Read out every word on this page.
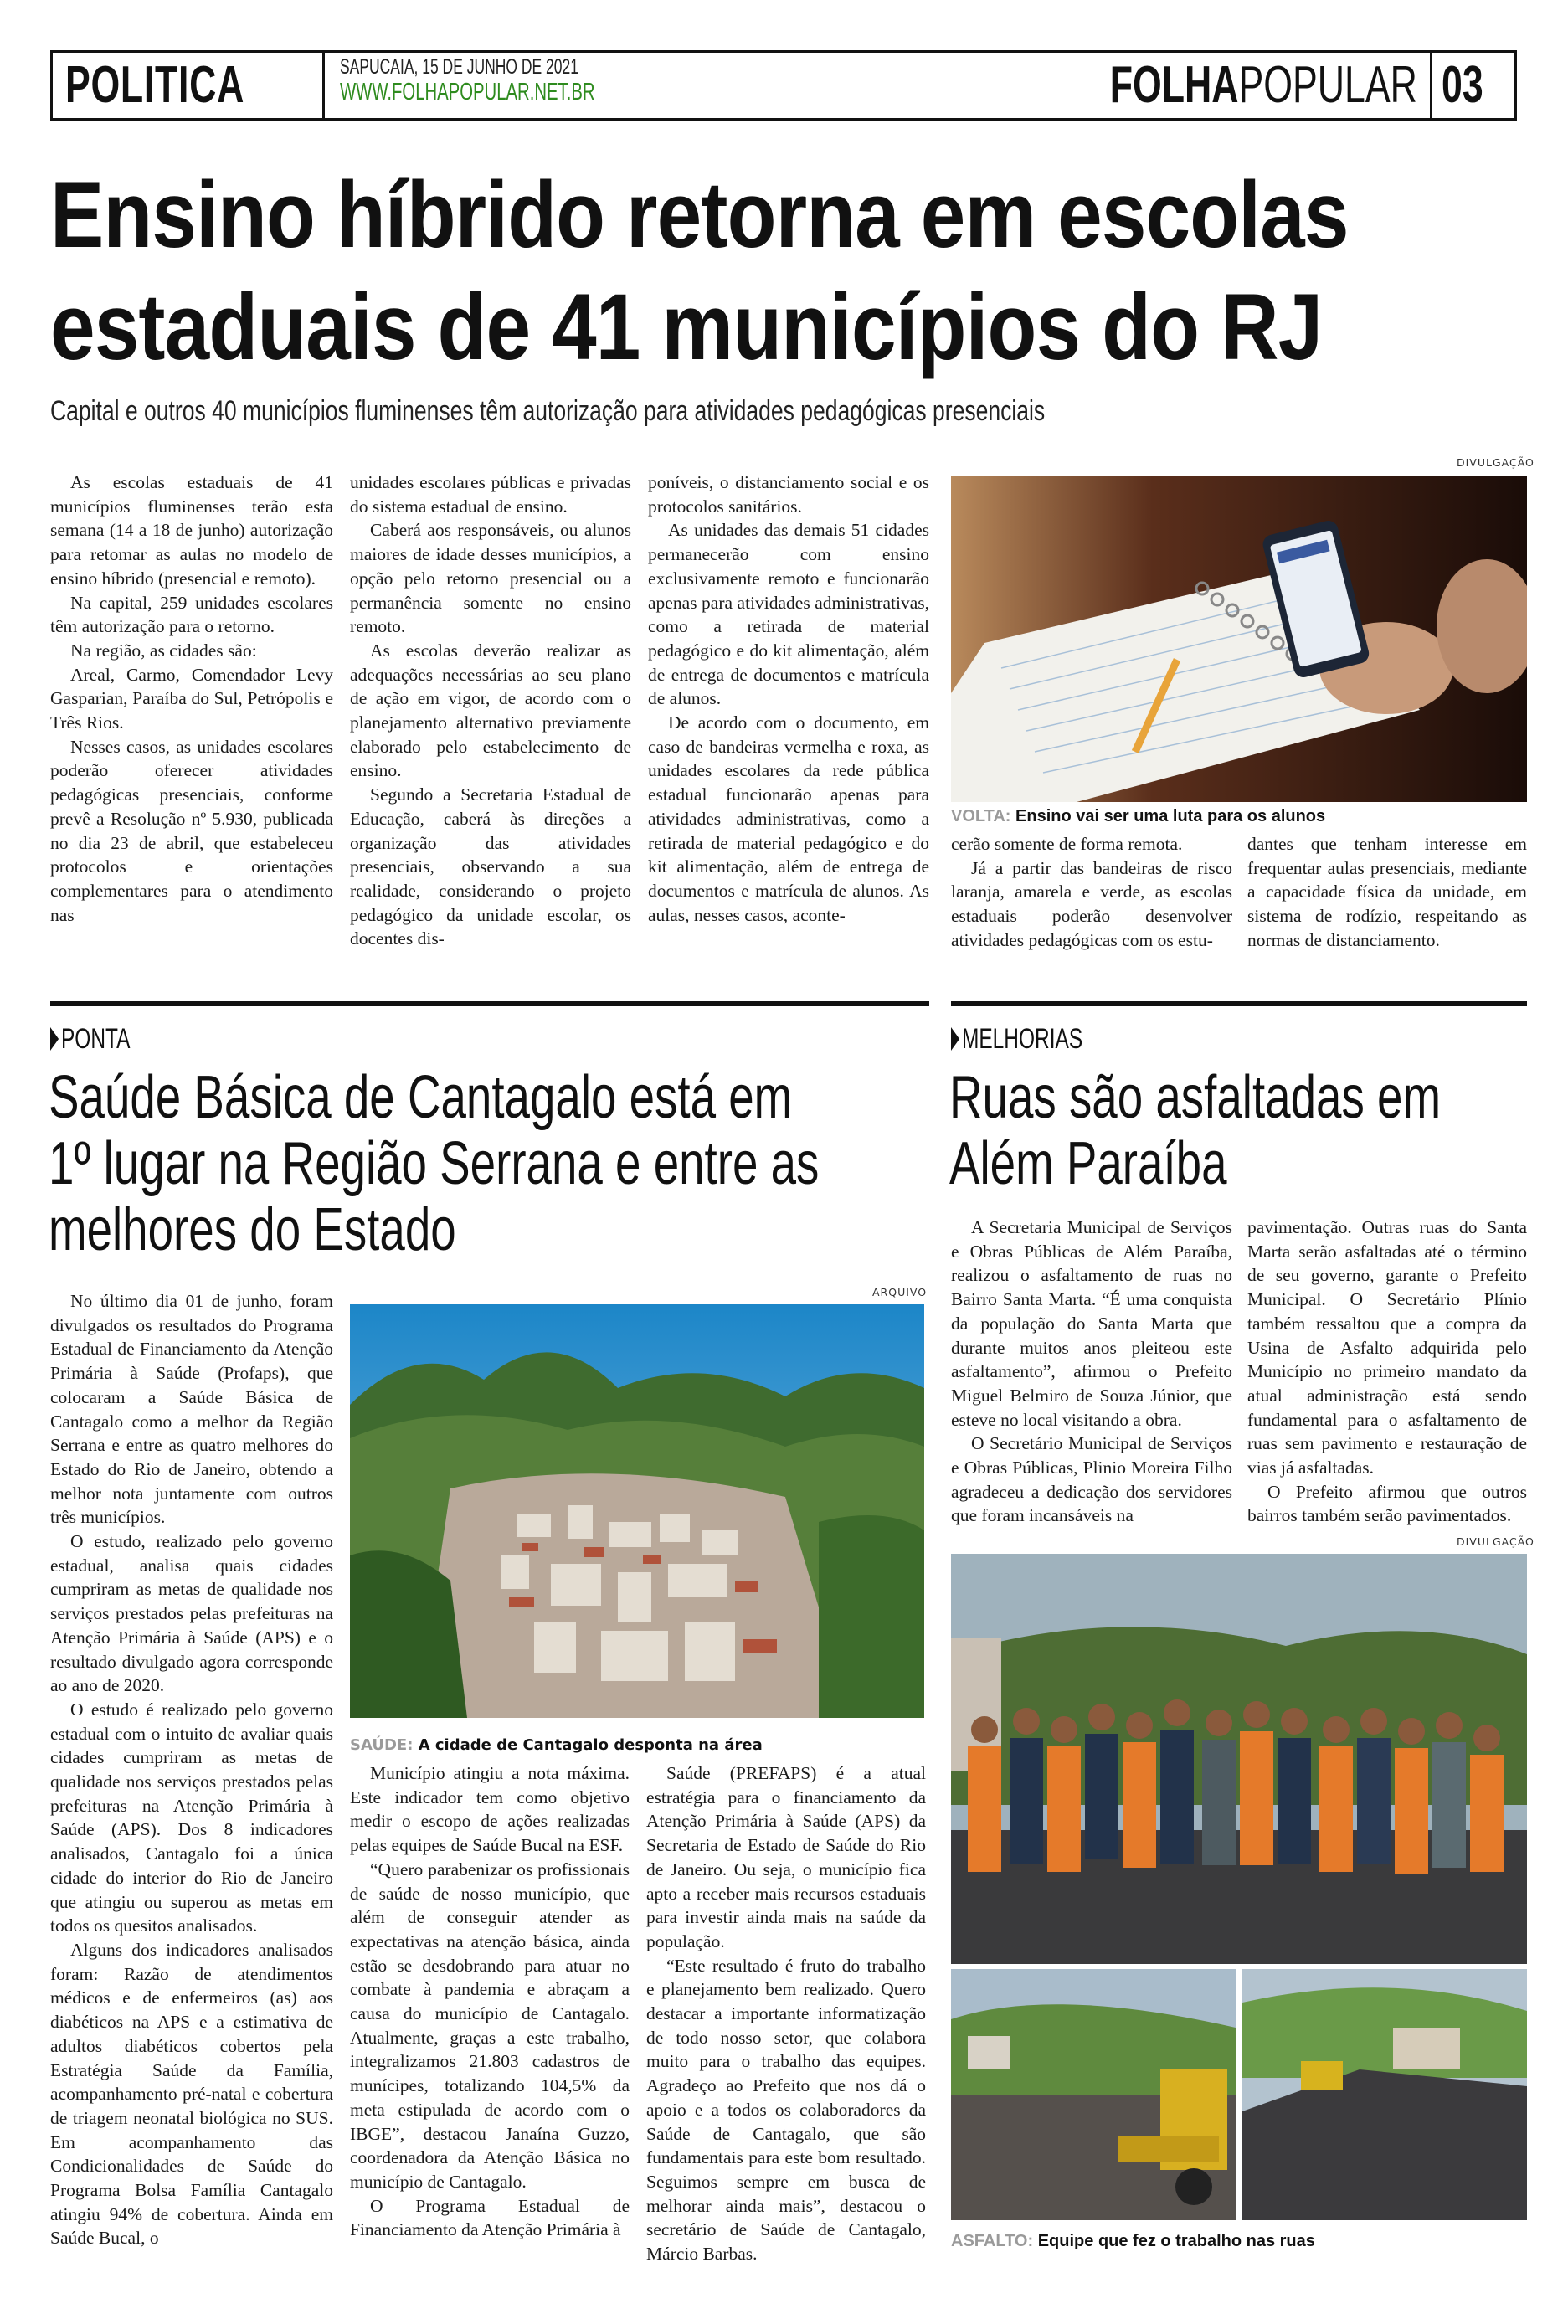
POLITICA	SAPUCAIA, 15 DE JUNHO DE 2021
WWW.FOLHAPOPULAR.NET.BR	FOLHAPOPULAR 03
Ensino híbrido retorna em escolas
estaduais de 41 municípios do RJ
Capital e outros 40 municípios fluminenses têm autorização para atividades pedagógicas presenciais

As escolas estaduais de 41 municípios fluminenses terão esta semana (14 a 18 de junho) autorização para retomar as aulas no modelo de ensino híbrido (presencial e remoto).

Na capital, 259 unidades escolares têm autorização para o retorno.

Na região, as cidades são:

Areal, Carmo, Comendador Levy Gasparian, Paraíba do Sul, Petrópolis e Três Rios.

Nesses casos, as unidades escolares poderão oferecer atividades pedagógicas presenciais, conforme prevê a Resolução nº 5.930, publicada no dia 23 de abril, que estabeleceu protocolos e orientações complementares para o atendimento nas

unidades escolares públicas e privadas do sistema estadual de ensino.

Caberá aos responsáveis, ou alunos maiores de idade desses municípios, a opção pelo retorno presencial ou a permanência somente no ensino remoto.

As escolas deverão realizar as adequações necessárias ao seu plano de ação em vigor, de acordo com o planejamento alternativo previamente elaborado pelo estabelecimento de ensino.

Segundo a Secretaria Estadual de Educação, caberá às direções a organização das atividades presenciais, observando a sua realidade, considerando o projeto pedagógico da unidade escolar, os docentes dis-

poníveis, o distanciamento social e os protocolos sanitários.

As unidades das demais 51 cidades permanecerão com ensino exclusivamente remoto e funcionarão apenas para atividades administrativas, como a retirada de material pedagógico e do kit alimentação, além de entrega de documentos e matrícula de alunos.

De acordo com o documento, em caso de bandeiras vermelha e roxa, as unidades escolares da rede pública estadual funcionarão apenas para atividades administrativas, como a retirada de material pedagógico e do kit alimentação, além de entrega de documentos e matrícula de alunos. As aulas, nesses casos, aconte-

DIVULGAÇÃO
VOLTA: Ensino vai ser uma luta para os alunos

cerão somente de forma remota.

Já a partir das bandeiras de risco laranja, amarela e verde, as escolas estaduais poderão desenvolver atividades pedagógicas com os estu-

dantes que tenham interesse em frequentar aulas presenciais, mediante a capacidade física da unidade, em sistema de rodízio, respeitando as normas de distanciamento.

PONTA
Saúde Básica de Cantagalo está em
1º lugar na Região Serrana e entre as
melhores do Estado

No último dia 01 de junho, foram divulgados os resultados do Programa Estadual de Financiamento da Atenção Primária à Saúde (Profaps), que colocaram a Saúde Básica de Cantagalo como a melhor da Região Serrana e entre as quatro melhores do Estado do Rio de Janeiro, obtendo a melhor nota juntamente com outros três municípios.

O estudo, realizado pelo governo estadual, analisa quais cidades cumpriram as metas de qualidade nos serviços prestados pelas prefeituras na Atenção Primária à Saúde (APS) e o resultado divulgado agora corresponde ao ano de 2020.

O estudo é realizado pelo governo estadual com o intuito de avaliar quais cidades cumpriram as metas de qualidade nos serviços prestados pelas prefeituras na Atenção Primária à Saúde (APS). Dos 8 indicadores analisados, Cantagalo foi a única cidade do interior do Rio de Janeiro que atingiu ou superou as metas em todos os quesitos analisados.

Alguns dos indicadores analisados foram: Razão de atendimentos médicos e de enfermeiros (as) aos diabéticos na APS e a estimativa de adultos diabéticos cobertos pela Estratégia Saúde da Família, acompanhamento pré-natal e cobertura de triagem neonatal biológica no SUS. Em acompanhamento das Condicionalidades de Saúde do Programa Bolsa Família Cantagalo atingiu 94% de cobertura. Ainda em Saúde Bucal, o

ARQUIVO
SAÚDE: A cidade de Cantagalo desponta na área

Município atingiu a nota máxima. Este indicador tem como objetivo medir o escopo de ações realizadas pelas equipes de Saúde Bucal na ESF.

“Quero parabenizar os profissionais de saúde de nosso município, que além de conseguir atender as expectativas na atenção básica, ainda estão se desdobrando para atuar no combate à pandemia e abraçam a causa do município de Cantagalo. Atualmente, graças a este trabalho, integralizamos 21.803 cadastros de munícipes, totalizando 104,5% da meta estipulada de acordo com o IBGE”, destacou Janaína Guzzo, coordenadora da Atenção Básica no município de Cantagalo.

O Programa Estadual de Financiamento da Atenção Primária à

Saúde (PREFAPS) é a atual estratégia para o financiamento da Atenção Primária à Saúde (APS) da Secretaria de Estado de Saúde do Rio de Janeiro. Ou seja, o município fica apto a receber mais recursos estaduais para investir ainda mais na saúde da população.

“Este resultado é fruto do trabalho e planejamento bem realizado. Quero destacar a importante informatização de todo nosso setor, que colabora muito para o trabalho das equipes. Agradeço ao Prefeito que nos dá o apoio e a todos os colaboradores da Saúde de Cantagalo, que são fundamentais para este bom resultado. Seguimos sempre em busca de melhorar ainda mais”, destacou o secretário de Saúde de Cantagalo, Márcio Barbas.

MELHORIAS
Ruas são asfaltadas em
Além Paraíba

A Secretaria Municipal de Serviços e Obras Públicas de Além Paraíba, realizou o asfaltamento de ruas no Bairro Santa Marta. “É uma conquista da população do Santa Marta que durante muitos anos pleiteou este asfaltamento”, afirmou o Prefeito Miguel Belmiro de Souza Júnior, que esteve no local visitando a obra.

O Secretário Municipal de Serviços e Obras Públicas, Plinio Moreira Filho agradeceu a dedicação dos servidores que foram incansáveis na

pavimentação. Outras ruas do Santa Marta serão asfaltadas até o término de seu governo, garante o Prefeito Municipal. O Secretário Plínio também ressaltou que a compra da Usina de Asfalto adquirida pelo Município no primeiro mandato da atual administração está sendo fundamental para o asfaltamento de ruas sem pavimento e restauração de vias já asfaltadas.

O Prefeito afirmou que outros bairros também serão pavimentados.

DIVULGAÇÃO
ASFALTO: Equipe que fez o trabalho nas ruas
